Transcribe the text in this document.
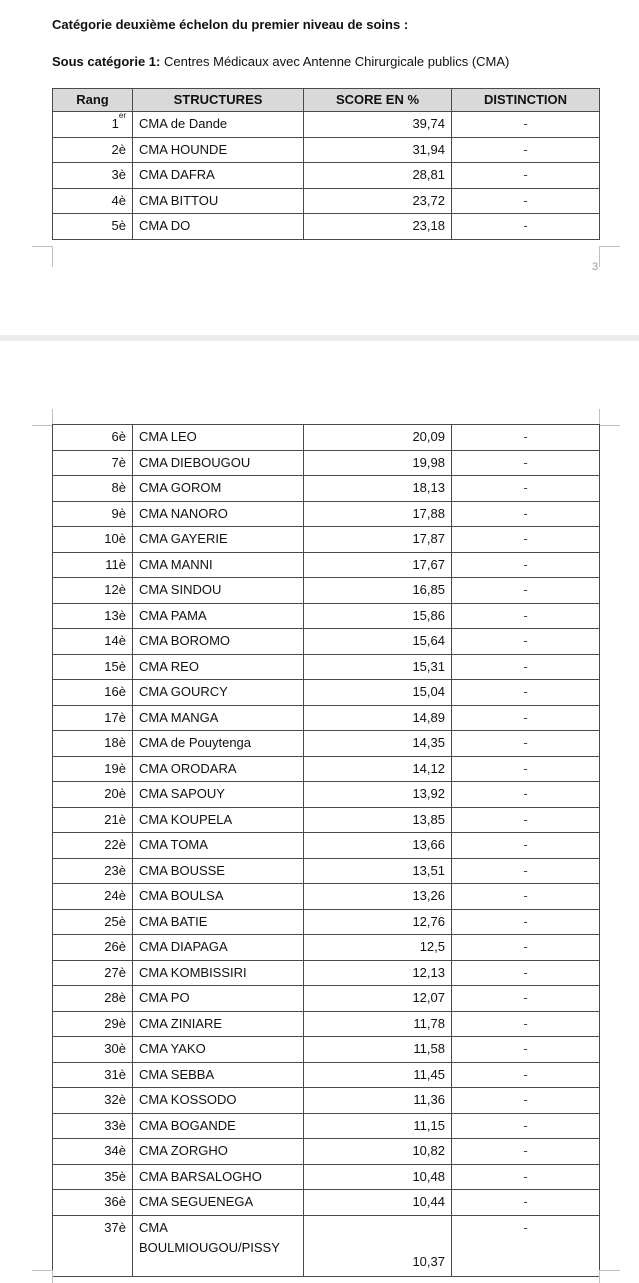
Catégorie deuxième échelon du premier niveau de soins :
Sous catégorie 1: Centres Médicaux avec Antenne Chirurgicale publics (CMA)
Rang	STRUCTURES	SCORE EN %	DISTINCTION
1er	CMA de Dande	39,74	-
2è	CMA HOUNDE	31,94	-
3è	CMA DAFRA	28,81	-
4è	CMA BITTOU	23,72	-
5è	CMA DO	23,18	-
3
6è	CMA LEO	20,09	-
7è	CMA DIEBOUGOU	19,98	-
8è	CMA GOROM	18,13	-
9è	CMA NANORO	17,88	-
10è	CMA GAYERIE	17,87	-
11è	CMA MANNI	17,67	-
12è	CMA SINDOU	16,85	-
13è	CMA PAMA	15,86	-
14è	CMA BOROMO	15,64	-
15è	CMA REO	15,31	-
16è	CMA GOURCY	15,04	-
17è	CMA MANGA	14,89	-
18è	CMA de Pouytenga	14,35	-
19è	CMA ORODARA	14,12	-
20è	CMA SAPOUY	13,92	-
21è	CMA KOUPELA	13,85	-
22è	CMA TOMA	13,66	-
23è	CMA BOUSSE	13,51	-
24è	CMA BOULSA	13,26	-
25è	CMA BATIE	12,76	-
26è	CMA DIAPAGA	12,5	-
27è	CMA KOMBISSIRI	12,13	-
28è	CMA PO	12,07	-
29è	CMA ZINIARE	11,78	-
30è	CMA YAKO	11,58	-
31è	CMA SEBBA	11,45	-
32è	CMA KOSSODO	11,36	-
33è	CMA BOGANDE	11,15	-
34è	CMA ZORGHO	10,82	-
35è	CMA BARSALOGHO	10,48	-
36è	CMA SEGUENEGA	10,44	-
37è	CMA
BOULMIOUGOU/PISSY	10,37	-
